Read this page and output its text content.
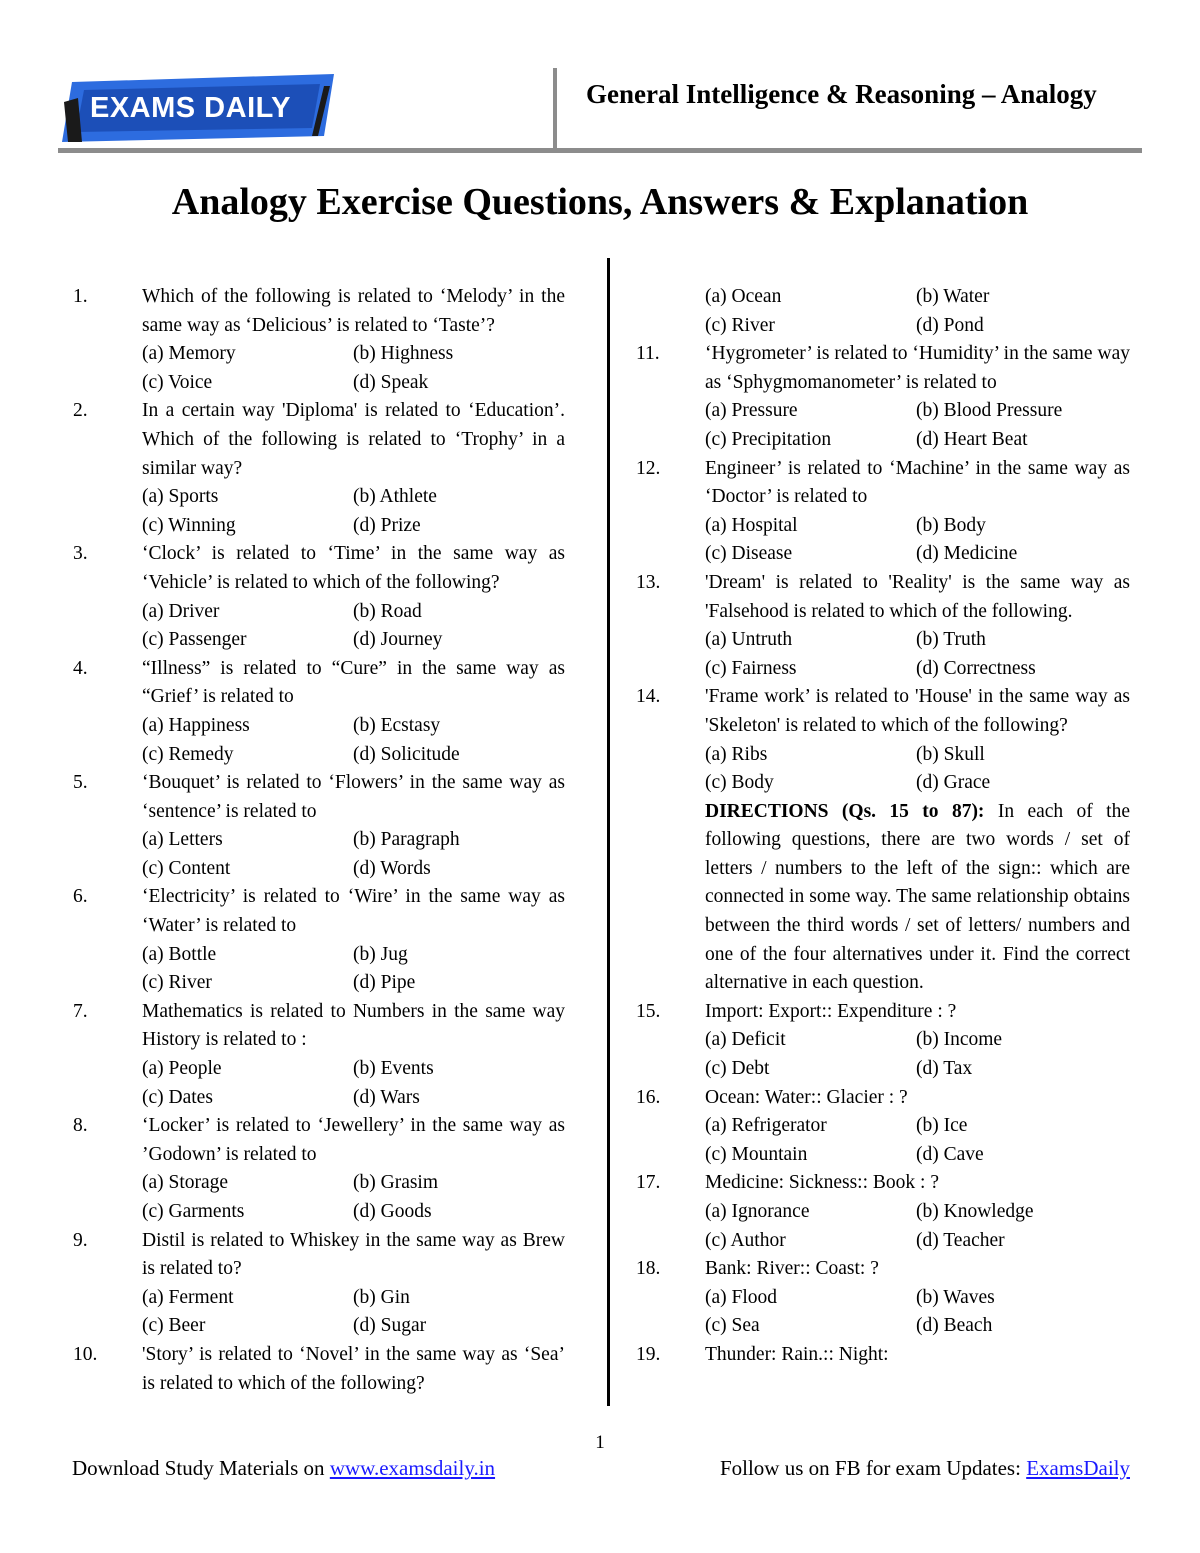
EXAMS DAILY	General Intelligence & Reasoning – Analogy
Analogy Exercise Questions, Answers & Explanation
1.	Which of the following is related to ‘Melody’ in the same way as ‘Delicious’ is related to ‘Taste’?
(a) Memory	(b) Highness
(c) Voice	(d) Speak
2.	In a certain way 'Diploma' is related to ‘Education’. Which of the following is related to ‘Trophy’ in a similar way?
(a) Sports	(b) Athlete
(c) Winning	(d) Prize
3.	‘Clock’ is related to ‘Time’ in the same way as ‘Vehicle’ is related to which of the following?
(a) Driver	(b) Road
(c) Passenger	(d) Journey
4.	“Illness” is related to “Cure” in the same way as “Grief’ is related to
(a) Happiness	(b) Ecstasy
(c) Remedy	(d) Solicitude
5.	‘Bouquet’ is related to ‘Flowers’ in the same way as ‘sentence’ is related to
(a) Letters	(b) Paragraph
(c) Content	(d) Words
6.	‘Electricity’ is related to ‘Wire’ in the same way as ‘Water’ is related to
(a) Bottle	(b) Jug
(c) River	(d) Pipe
7.	Mathematics is related to Numbers in the same way History is related to :
(a) People	(b) Events
(c) Dates	(d) Wars
8.	‘Locker’ is related to ‘Jewellery’ in the same way as ’Godown’ is related to
(a) Storage	(b) Grasim
(c) Garments	(d) Goods
9.	Distil is related to Whiskey in the same way as Brew is related to?
(a) Ferment	(b) Gin
(c) Beer	(d) Sugar
10.	'Story’ is related to ‘Novel’ in the same way as ‘Sea’ is related to which of the following?
(a) Ocean	(b) Water
(c) River	(d) Pond
11.	‘Hygrometer’ is related to ‘Humidity’ in the same way as ‘Sphygmomanometer’ is related to
(a) Pressure	(b) Blood Pressure
(c) Precipitation	(d) Heart Beat
12.	Engineer’ is related to ‘Machine’ in the same way as ‘Doctor’ is related to
(a) Hospital	(b) Body
(c) Disease	(d) Medicine
13.	'Dream' is related to 'Reality' is the same way as 'Falsehood is related to which of the following.
(a) Untruth	(b) Truth
(c) Fairness	(d) Correctness
14.	'Frame work’ is related to 'House' in the same way as 'Skeleton' is related to which of the following?
(a) Ribs	(b) Skull
(c) Body	(d) Grace
DIRECTIONS (Qs. 15 to 87): In each of the following questions, there are two words / set of letters / numbers to the left of the sign:: which are connected in some way. The same relationship obtains between the third words / set of letters/ numbers and one of the four alternatives under it. Find the correct alternative in each question.
15.	Import: Export:: Expenditure : ?
(a) Deficit	(b) Income
(c) Debt	(d) Tax
16.	Ocean: Water:: Glacier : ?
(a) Refrigerator	(b) Ice
(c) Mountain	(d) Cave
17.	Medicine: Sickness:: Book : ?
(a) Ignorance	(b) Knowledge
(c) Author	(d) Teacher
18.	Bank: River:: Coast: ?
(a) Flood	(b) Waves
(c) Sea	(d) Beach
19.	Thunder: Rain.:: Night:
1
Download Study Materials on www.examsdaily.in	Follow us on FB for exam Updates: ExamsDaily
